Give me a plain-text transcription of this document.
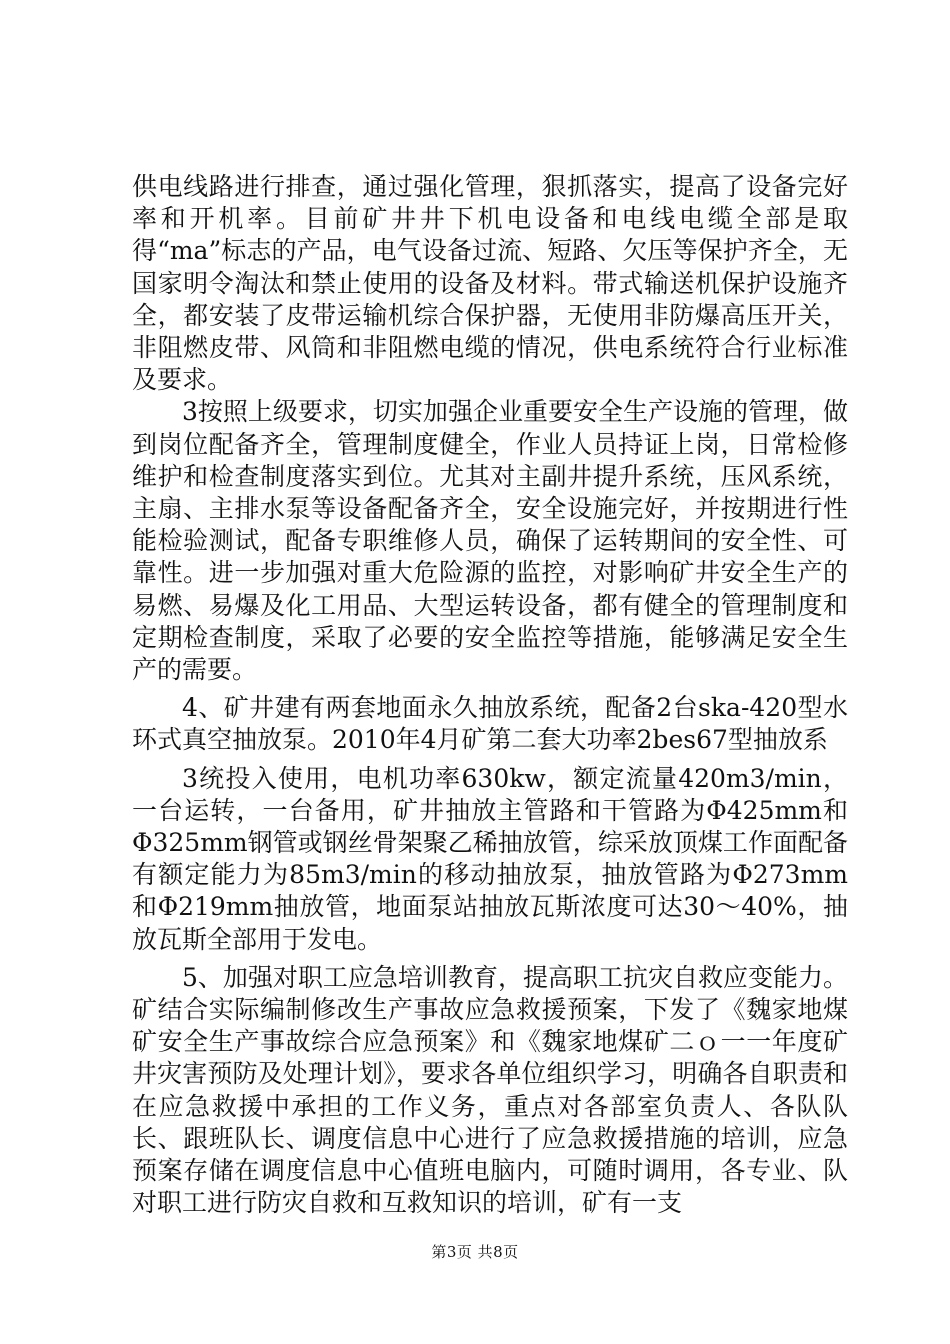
供电线路进行排查，通过强化管理，狠抓落实，提高了设备完好率和开机率。目前矿井井下机电设备和电线电缆全部是取得“ma”标志的产品，电气设备过流、短路、欠压等保护齐全，无国家明令淘汰和禁止使用的设备及材料。带式输送机保护设施齐全，都安装了皮带运输机综合保护器，无使用非防爆高压开关，非阻燃皮带、风筒和非阻燃电缆的情况，供电系统符合行业标准及要求。

3按照上级要求，切实加强企业重要安全生产设施的管理，做到岗位配备齐全，管理制度健全，作业人员持证上岗，日常检修维护和检查制度落实到位。尤其对主副井提升系统，压风系统，主扇、主排水泵等设备配备齐全，安全设施完好，并按期进行性能检验测试，配备专职维修人员，确保了运转期间的安全性、可靠性。进一步加强对重大危险源的监控，对影响矿井安全生产的易燃、易爆及化工用品、大型运转设备，都有健全的管理制度和定期检查制度，采取了必要的安全监控等措施，能够满足安全生产的需要。

4、矿井建有两套地面永久抽放系统，配备2台ska-420型水环式真空抽放泵。2010年4月矿第二套大功率2bes67型抽放系

3统投入使用，电机功率630kw，额定流量420m3/min，一台运转，一台备用，矿井抽放主管路和干管路为Φ425mm和Φ325mm钢管或钢丝骨架聚乙稀抽放管，综采放顶煤工作面配备有额定能力为85m3/min的移动抽放泵，抽放管路为Φ273mm和Φ219mm抽放管，地面泵站抽放瓦斯浓度可达30～40%，抽放瓦斯全部用于发电。

5、加强对职工应急培训教育，提高职工抗灾自救应变能力。矿结合实际编制修改生产事故应急救援预案，下发了《魏家地煤矿安全生产事故综合应急预案》和《魏家地煤矿二ｏ一一年度矿井灾害预防及处理计划》，要求各单位组织学习，明确各自职责和在应急救援中承担的工作义务，重点对各部室负责人、各队队长、跟班队长、调度信息中心进行了应急救援措施的培训，应急预案存储在调度信息中心值班电脑内，可随时调用，各专业、队对职工进行防灾自救和互救知识的培训，矿有一支

第3页 共8页
